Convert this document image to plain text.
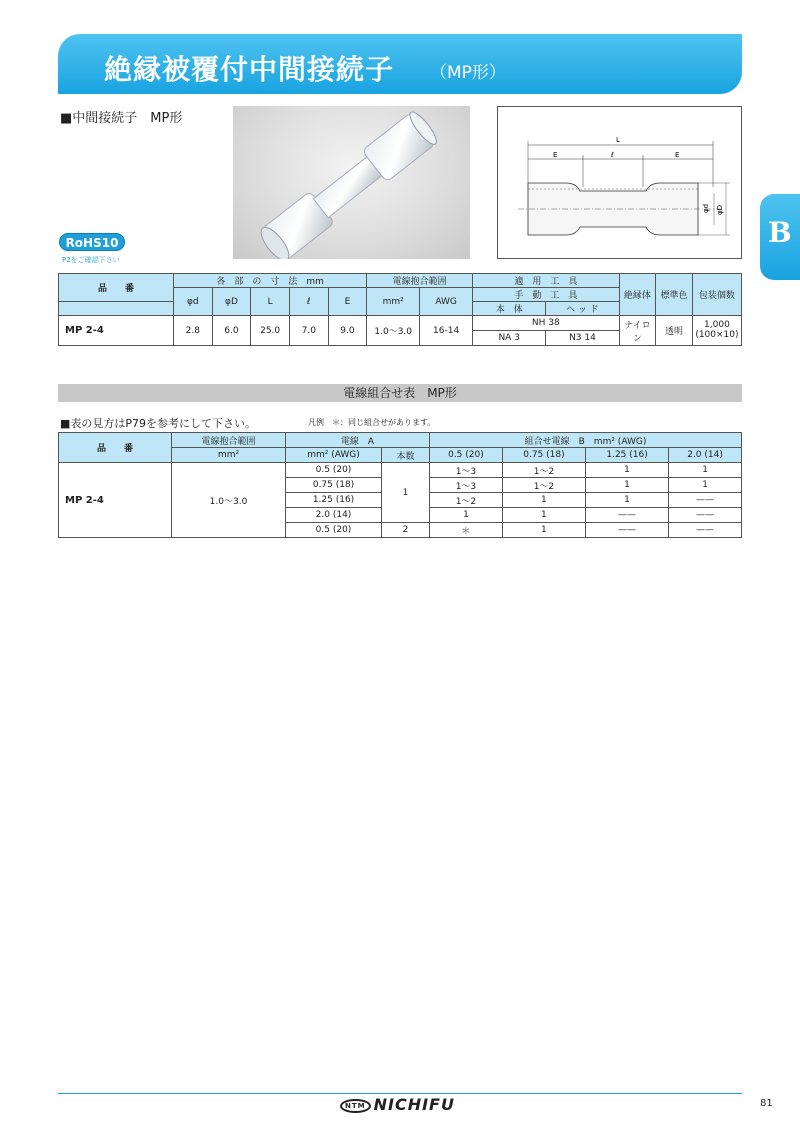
絶縁被覆付中間接続子 （MP形）
B
■中間接続子　MP形
RoHS10
P2をご確認下さい
L
E	ℓ	E
φd φD
品　　番	各　部　の　寸　法　mm					電線抱合範囲		適　用　工　具		絶縁体	標準色	包装個数
	φd	φD	L	ℓ	E	mm²	AWG	手　動　工　具				
								本　体	ヘ ッ ド			
MP 2-4	2.8	6.0	25.0	7.0	9.0	1.0～3.0	16-14	NH 38		ナイロン	透明	1,000
(100×10)
								NA 3	N3 14			
電線組合せ表　MP形
■表の見方はP79を参考にして下さい。	凡例　＊：同じ組合せがあります。
品　　番	電線抱合範囲	電線　A		組合せ電線　B　mm² (AWG)			
	mm²	mm² (AWG)	本数	0.5 (20)	0.75 (18)	1.25 (16)	2.0 (14)
MP 2-4	1.0～3.0	0.5 (20)	1	1～3	1～2	1	1
		0.75 (18)		1～3	1～2	1	1
		1.25 (16)		1～2	1	1	——
		2.0 (14)		1	1	——	——
		0.5 (20)	2	＊	1	——	——
NTM NICHIFU	81
